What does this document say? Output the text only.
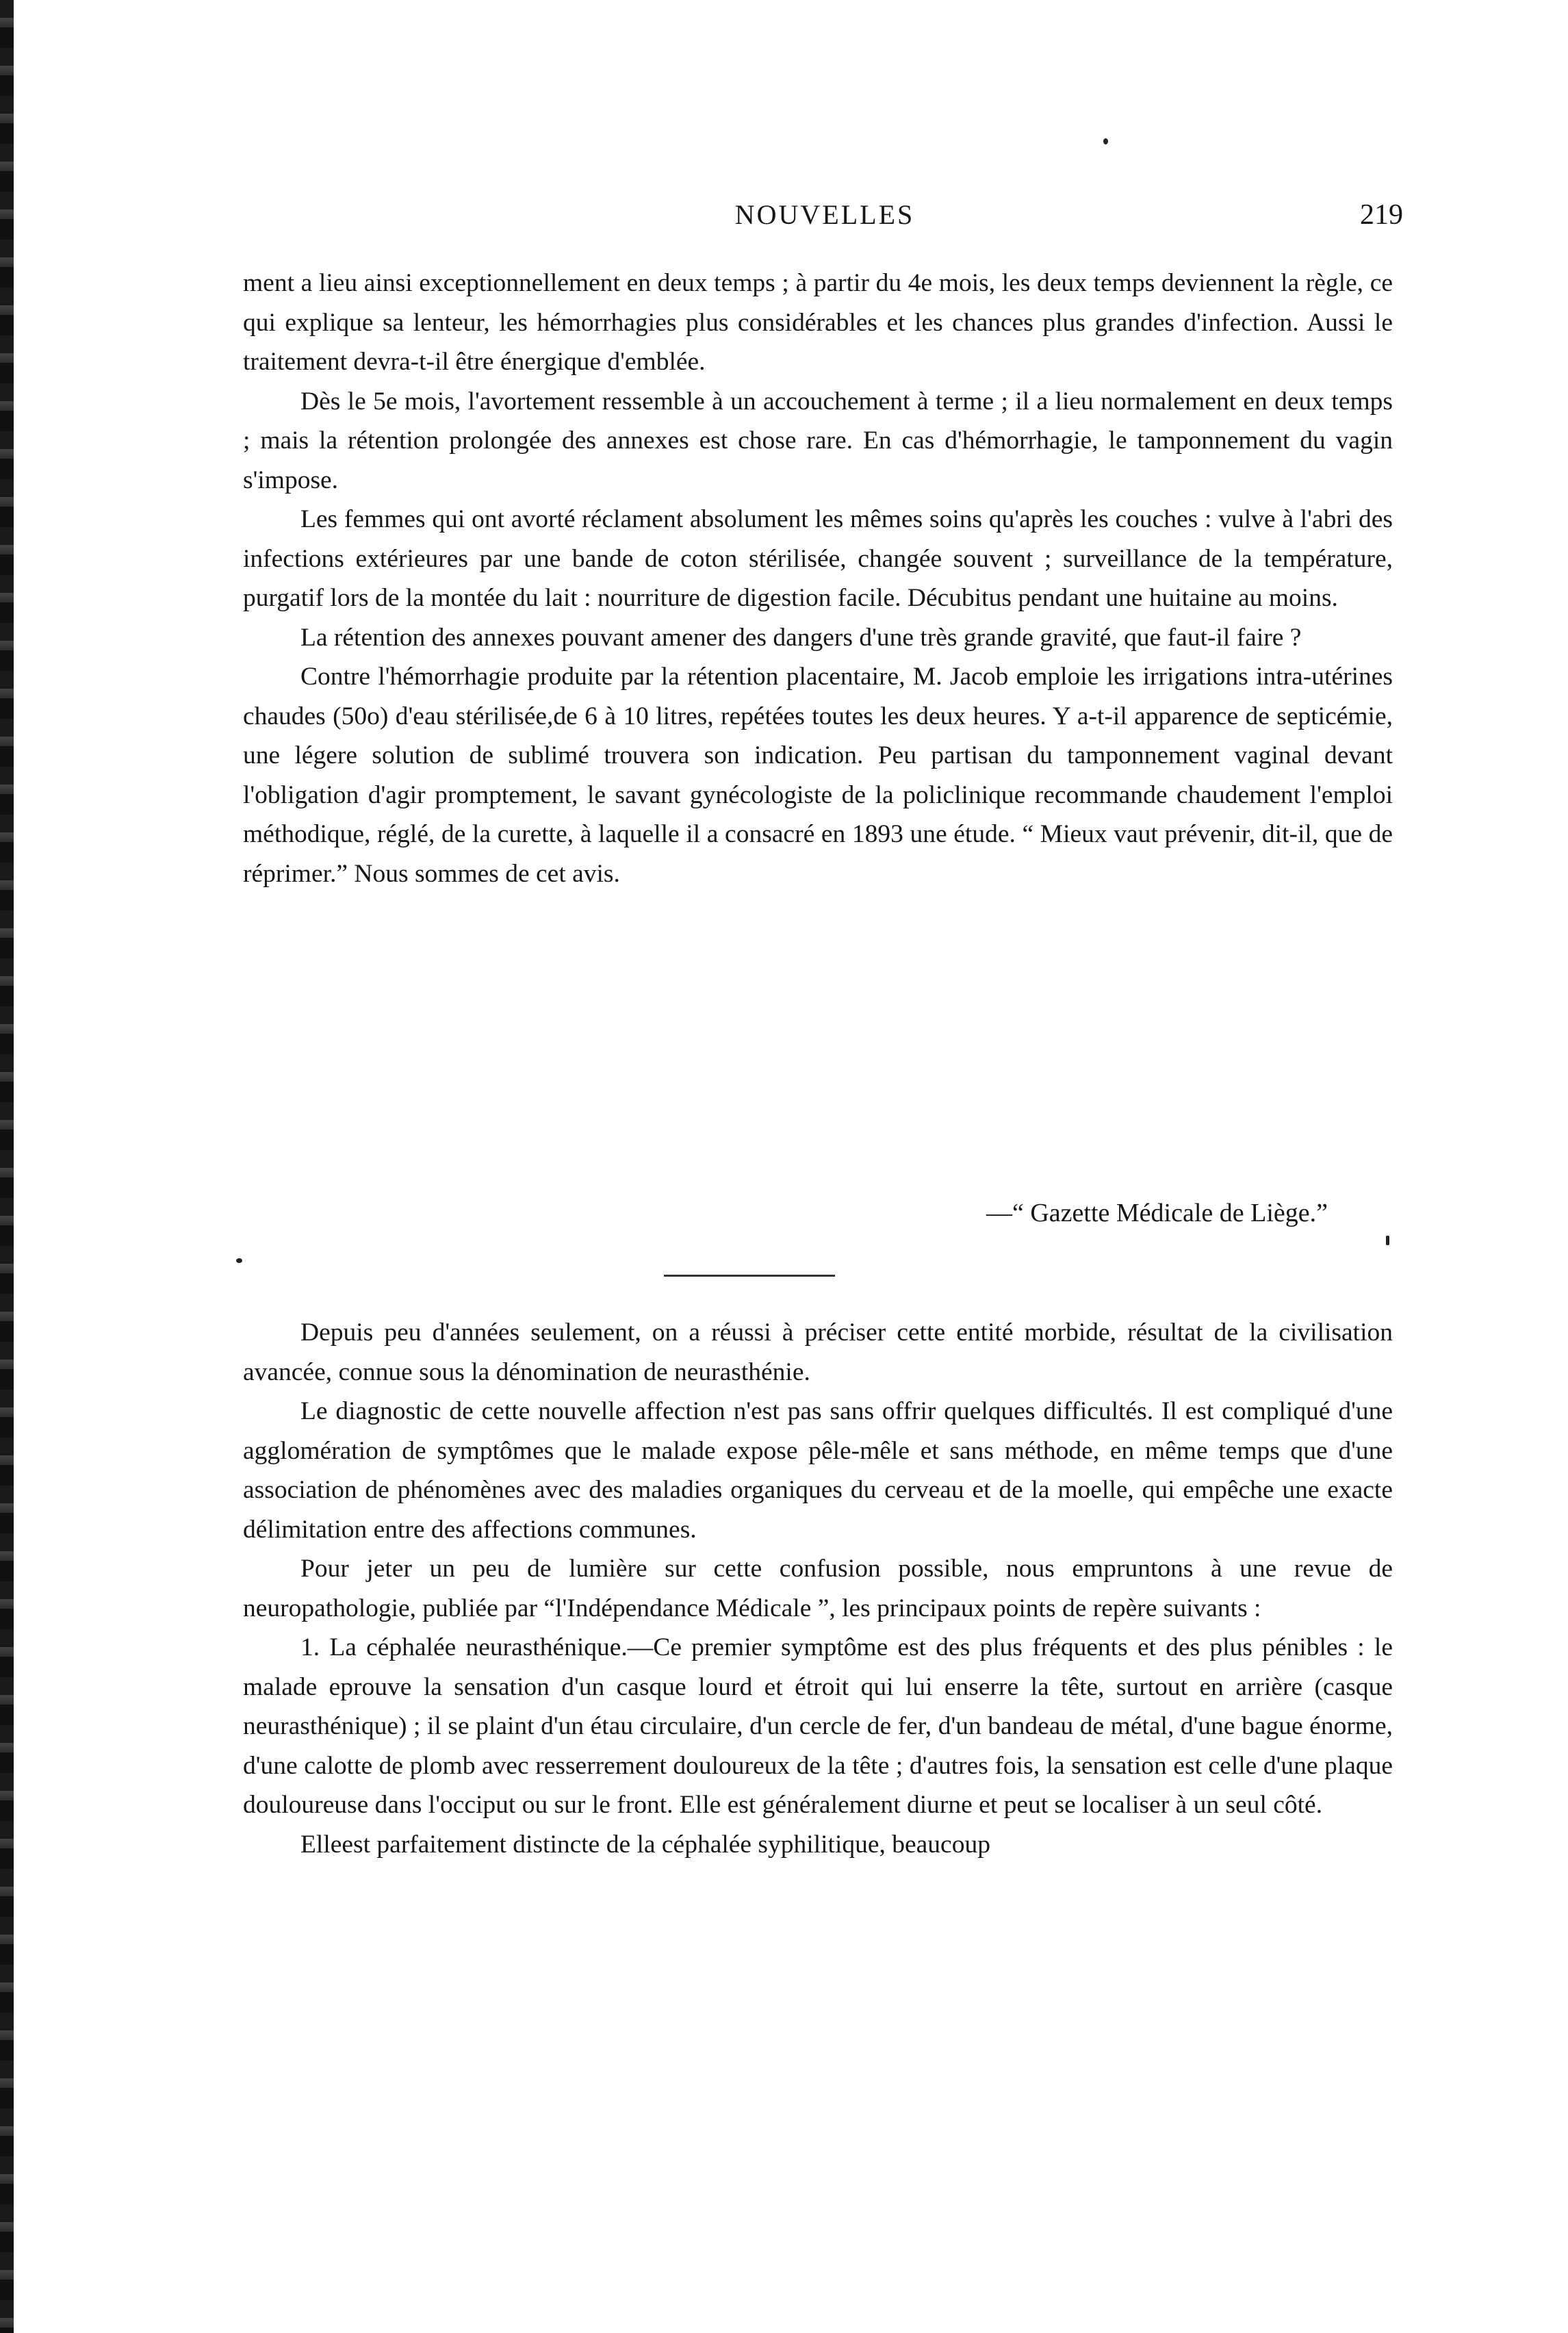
NOUVELLES	219

ment a lieu ainsi exceptionnellement en deux temps ; à partir du 4e mois, les deux temps deviennent la règle, ce qui explique sa lenteur, les hémorrhagies plus considérables et les chances plus grandes d'infection. Aussi le traitement devra-t-il être énergique d'emblée.

Dès le 5e mois, l'avortement ressemble à un accouchement à terme ; il a lieu normalement en deux temps ; mais la rétention prolongée des annexes est chose rare. En cas d'hémorrhagie, le tamponnement du vagin s'impose.

Les femmes qui ont avorté réclament absolument les mêmes soins qu'après les couches : vulve à l'abri des infections extérieures par une bande de coton stérilisée, changée souvent ; surveillance de la température, purgatif lors de la montée du lait : nourriture de digestion facile. Décubitus pendant une huitaine au moins.

La rétention des annexes pouvant amener des dangers d'une très grande gravité, que faut-il faire ?

Contre l'hémorrhagie produite par la rétention placentaire, M. Jacob emploie les irrigations intra-utérines chaudes (50o) d'eau stérilisée,de 6 à 10 litres, repétées toutes les deux heures. Y a-t-il apparence de septicémie, une légere solution de sublimé trouvera son indication. Peu partisan du tamponnement vaginal devant l'obligation d'agir promptement, le savant gynécologiste de la policlinique recommande chaudement l'emploi méthodique, réglé, de la curette, à laquelle il a consacré en 1893 une étude. “ Mieux vaut prévenir, dit-il, que de réprimer.” Nous sommes de cet avis.

—“ Gazette Médicale de Liège.”

Depuis peu d'années seulement, on a réussi à préciser cette entité morbide, résultat de la civilisation avancée, connue sous la dénomination de neurasthénie.

Le diagnostic de cette nouvelle affection n'est pas sans offrir quelques difficultés. Il est compliqué d'une agglomération de symptômes que le malade expose pêle-mêle et sans méthode, en même temps que d'une association de phénomènes avec des maladies organiques du cerveau et de la moelle, qui empêche une exacte délimitation entre des affections communes.

Pour jeter un peu de lumière sur cette confusion possible, nous empruntons à une revue de neuropathologie, publiée par “l'Indépendance Médicale ”, les principaux points de repère suivants :

1. La céphalée neurasthénique.—Ce premier symptôme est des plus fréquents et des plus pénibles : le malade eprouve la sensation d'un casque lourd et étroit qui lui enserre la tête, surtout en arrière (casque neurasthénique) ; il se plaint d'un étau circulaire, d'un cercle de fer, d'un bandeau de métal, d'une bague énorme, d'une calotte de plomb avec resserrement douloureux de la tête ; d'autres fois, la sensation est celle d'une plaque douloureuse dans l'occiput ou sur le front. Elle est généralement diurne et peut se localiser à un seul côté.

Elleest parfaitement distincte de la céphalée syphilitique, beaucoup
